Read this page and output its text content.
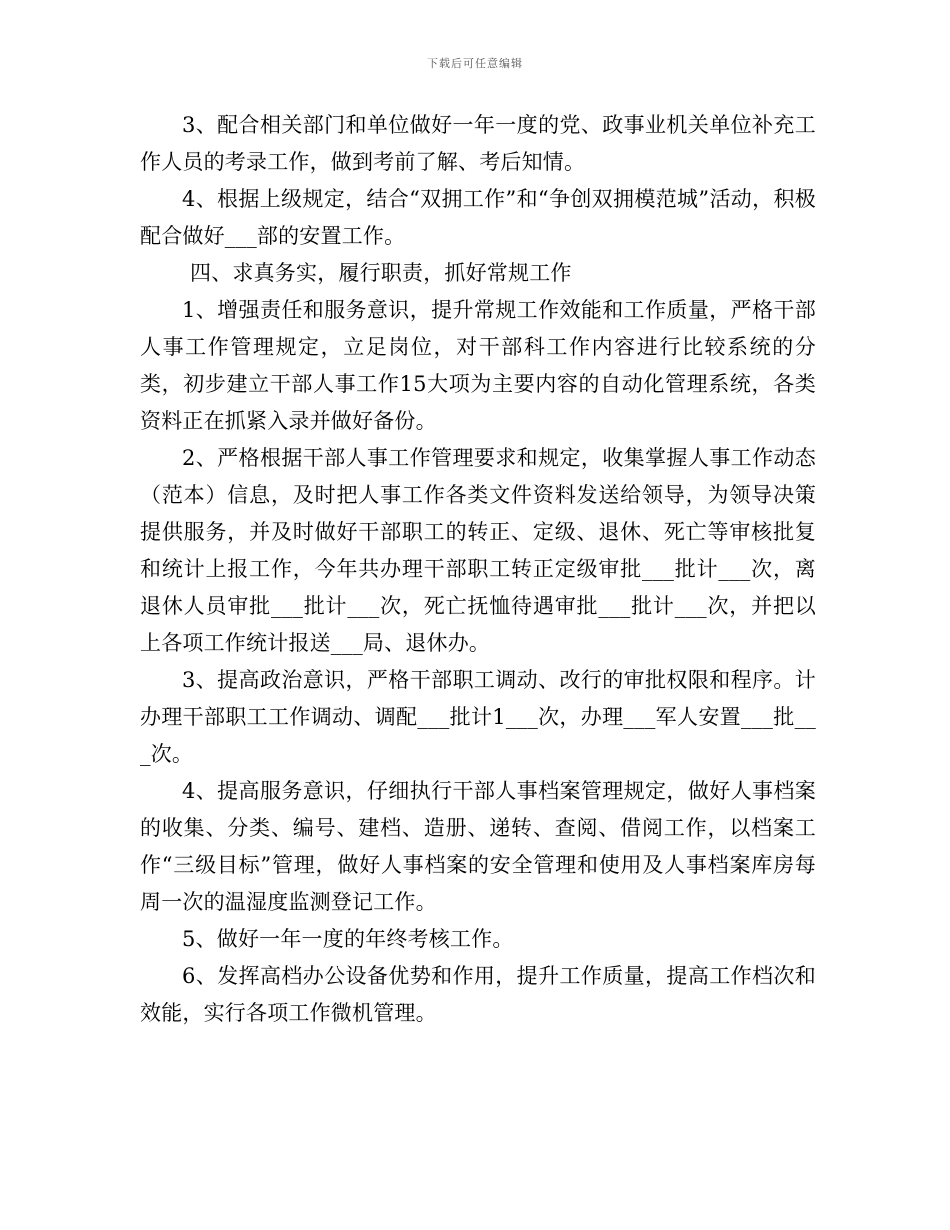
下载后可任意编辑

3、配合相关部门和单位做好一年一度的党、政事业机关单位补充工作人员的考录工作，做到考前了解、考后知情。

4、根据上级规定，结合“双拥工作”和“争创双拥模范城”活动，积极配合做好___部的安置工作。

四、求真务实，履行职责，抓好常规工作

1、增强责任和服务意识，提升常规工作效能和工作质量，严格干部人事工作管理规定，立足岗位，对干部科工作内容进行比较系统的分类，初步建立干部人事工作15大项为主要内容的自动化管理系统，各类资料正在抓紧入录并做好备份。

2、严格根据干部人事工作管理要求和规定，收集掌握人事工作动态（范本）信息，及时把人事工作各类文件资料发送给领导，为领导决策提供服务，并及时做好干部职工的转正、定级、退休、死亡等审核批复和统计上报工作，今年共办理干部职工转正定级审批___批计___次，离退休人员审批___批计___次，死亡抚恤待遇审批___批计___次，并把以上各项工作统计报送___局、退休办。

3、提高政治意识，严格干部职工调动、改行的审批权限和程序。计办理干部职工工作调动、调配___批计1___次，办理___军人安置___批___次。

4、提高服务意识，仔细执行干部人事档案管理规定，做好人事档案的收集、分类、编号、建档、造册、递转、查阅、借阅工作，以档案工作“三级目标”管理，做好人事档案的安全管理和使用及人事档案库房每周一次的温湿度监测登记工作。

5、做好一年一度的年终考核工作。

6、发挥高档办公设备优势和作用，提升工作质量，提高工作档次和效能，实行各项工作微机管理。
